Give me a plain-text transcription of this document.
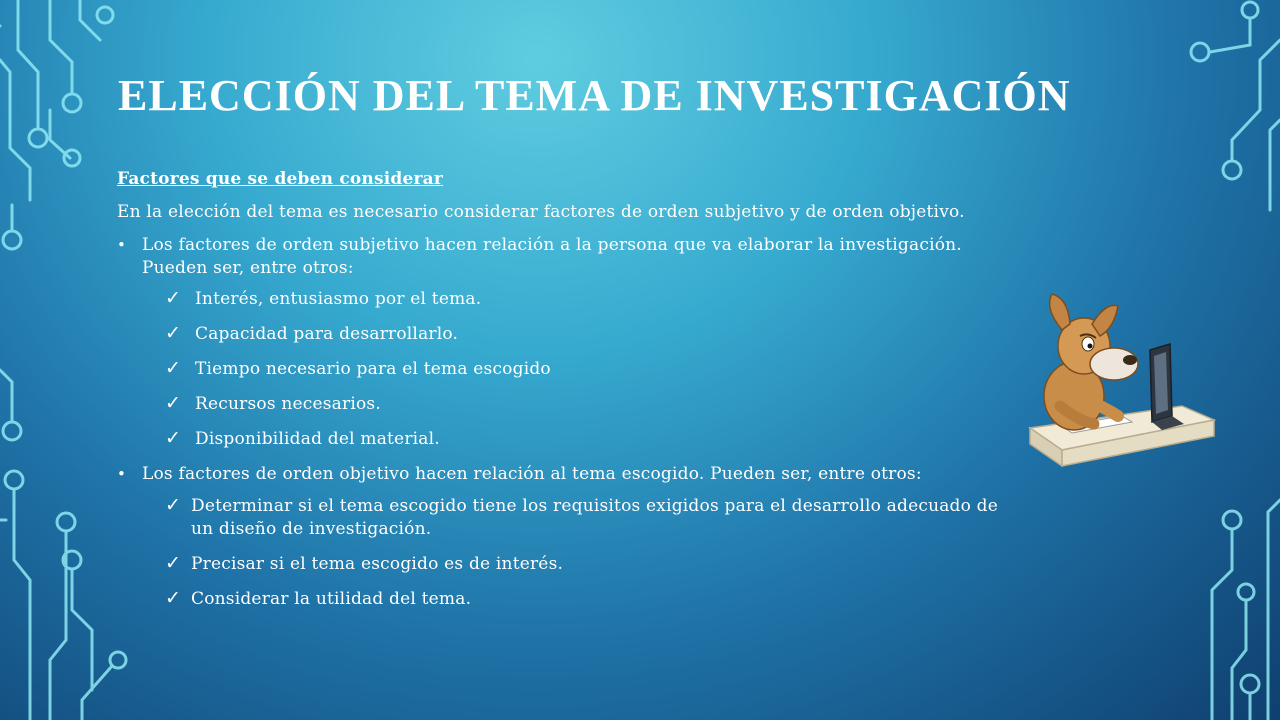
ELECCIÓN DEL TEMA DE INVESTIGACIÓN

Factores que se deben considerar

En la elección del tema es necesario considerar factores de orden subjetivo y de orden objetivo.

• Los factores de orden subjetivo hacen relación a la persona que va elaborar la investigación.
Pueden ser, entre otros:
✓ Interés, entusiasmo por el tema.
✓ Capacidad para desarrollarlo.
✓ Tiempo necesario para el tema escogido
✓ Recursos necesarios.
✓ Disponibilidad del material.
• Los factores de orden objetivo hacen relación al tema escogido. Pueden ser, entre otros:
✓ Determinar si el tema escogido tiene los requisitos exigidos para el desarrollo adecuado de
un diseño de investigación.
✓ Precisar si el tema escogido es de interés.
✓ Considerar la utilidad del tema.
